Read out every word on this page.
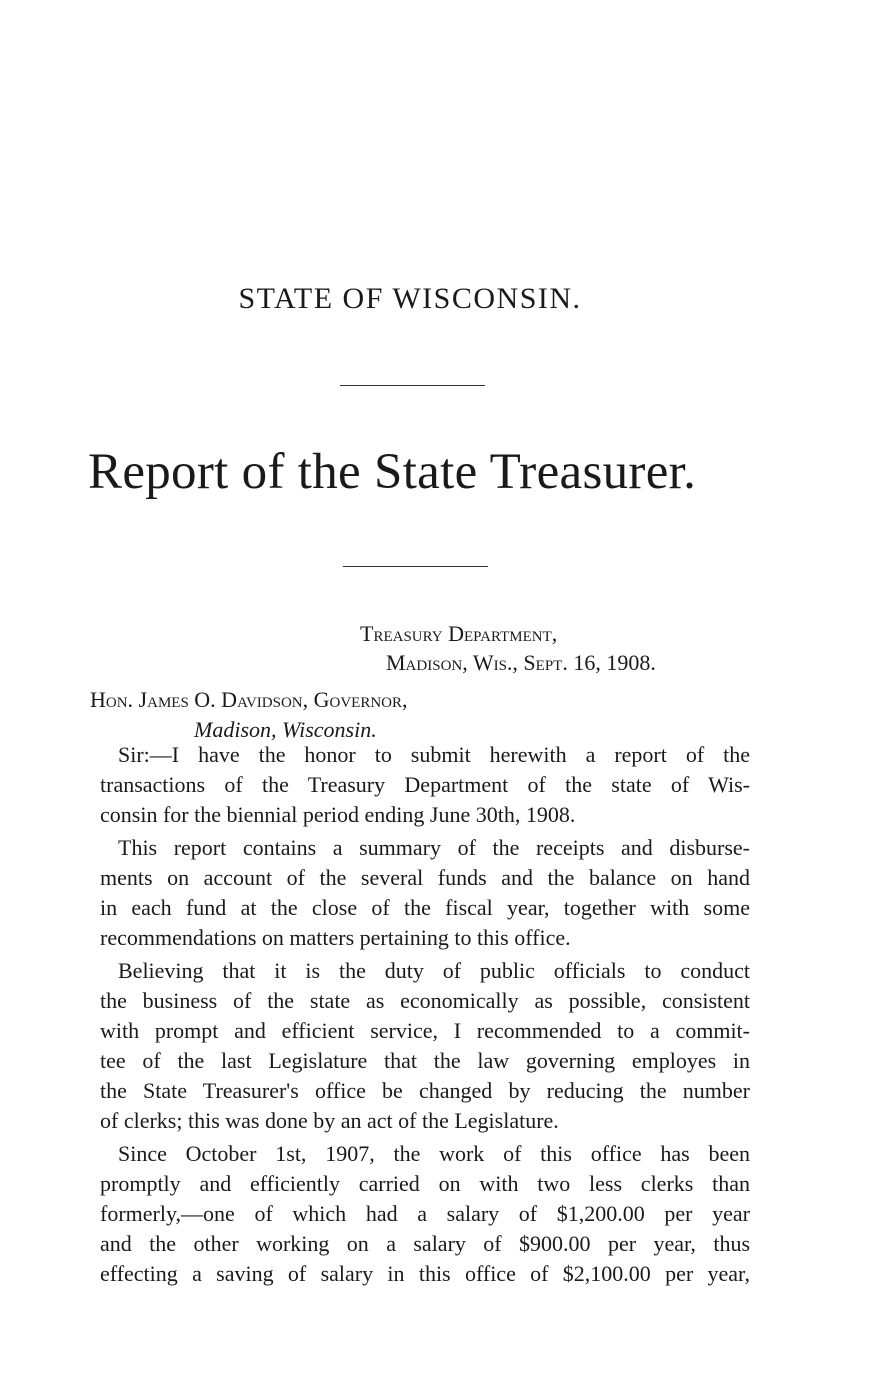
STATE OF WISCONSIN.
Report of the State Treasurer.
Treasury Department,
Madison, Wis., Sept. 16, 1908.
Hon. James O. Davidson, Governor,
Madison, Wisconsin.
Sir:—I have the honor to submit herewith a report of the
transactions of the Treasury Department of the state of Wis-
consin for the biennial period ending June 30th, 1908.
This report contains a summary of the receipts and disburse-
ments on account of the several funds and the balance on hand
in each fund at the close of the fiscal year, together with some
recommendations on matters pertaining to this office.
Believing that it is the duty of public officials to conduct
the business of the state as economically as possible, consistent
with prompt and efficient service, I recommended to a commit-
tee of the last Legislature that the law governing employes in
the State Treasurer's office be changed by reducing the number
of clerks; this was done by an act of the Legislature.
Since October 1st, 1907, the work of this office has been
promptly and efficiently carried on with two less clerks than
formerly,—one of which had a salary of $1,200.00 per year
and the other working on a salary of $900.00 per year, thus
effecting a saving of salary in this office of $2,100.00 per year,
